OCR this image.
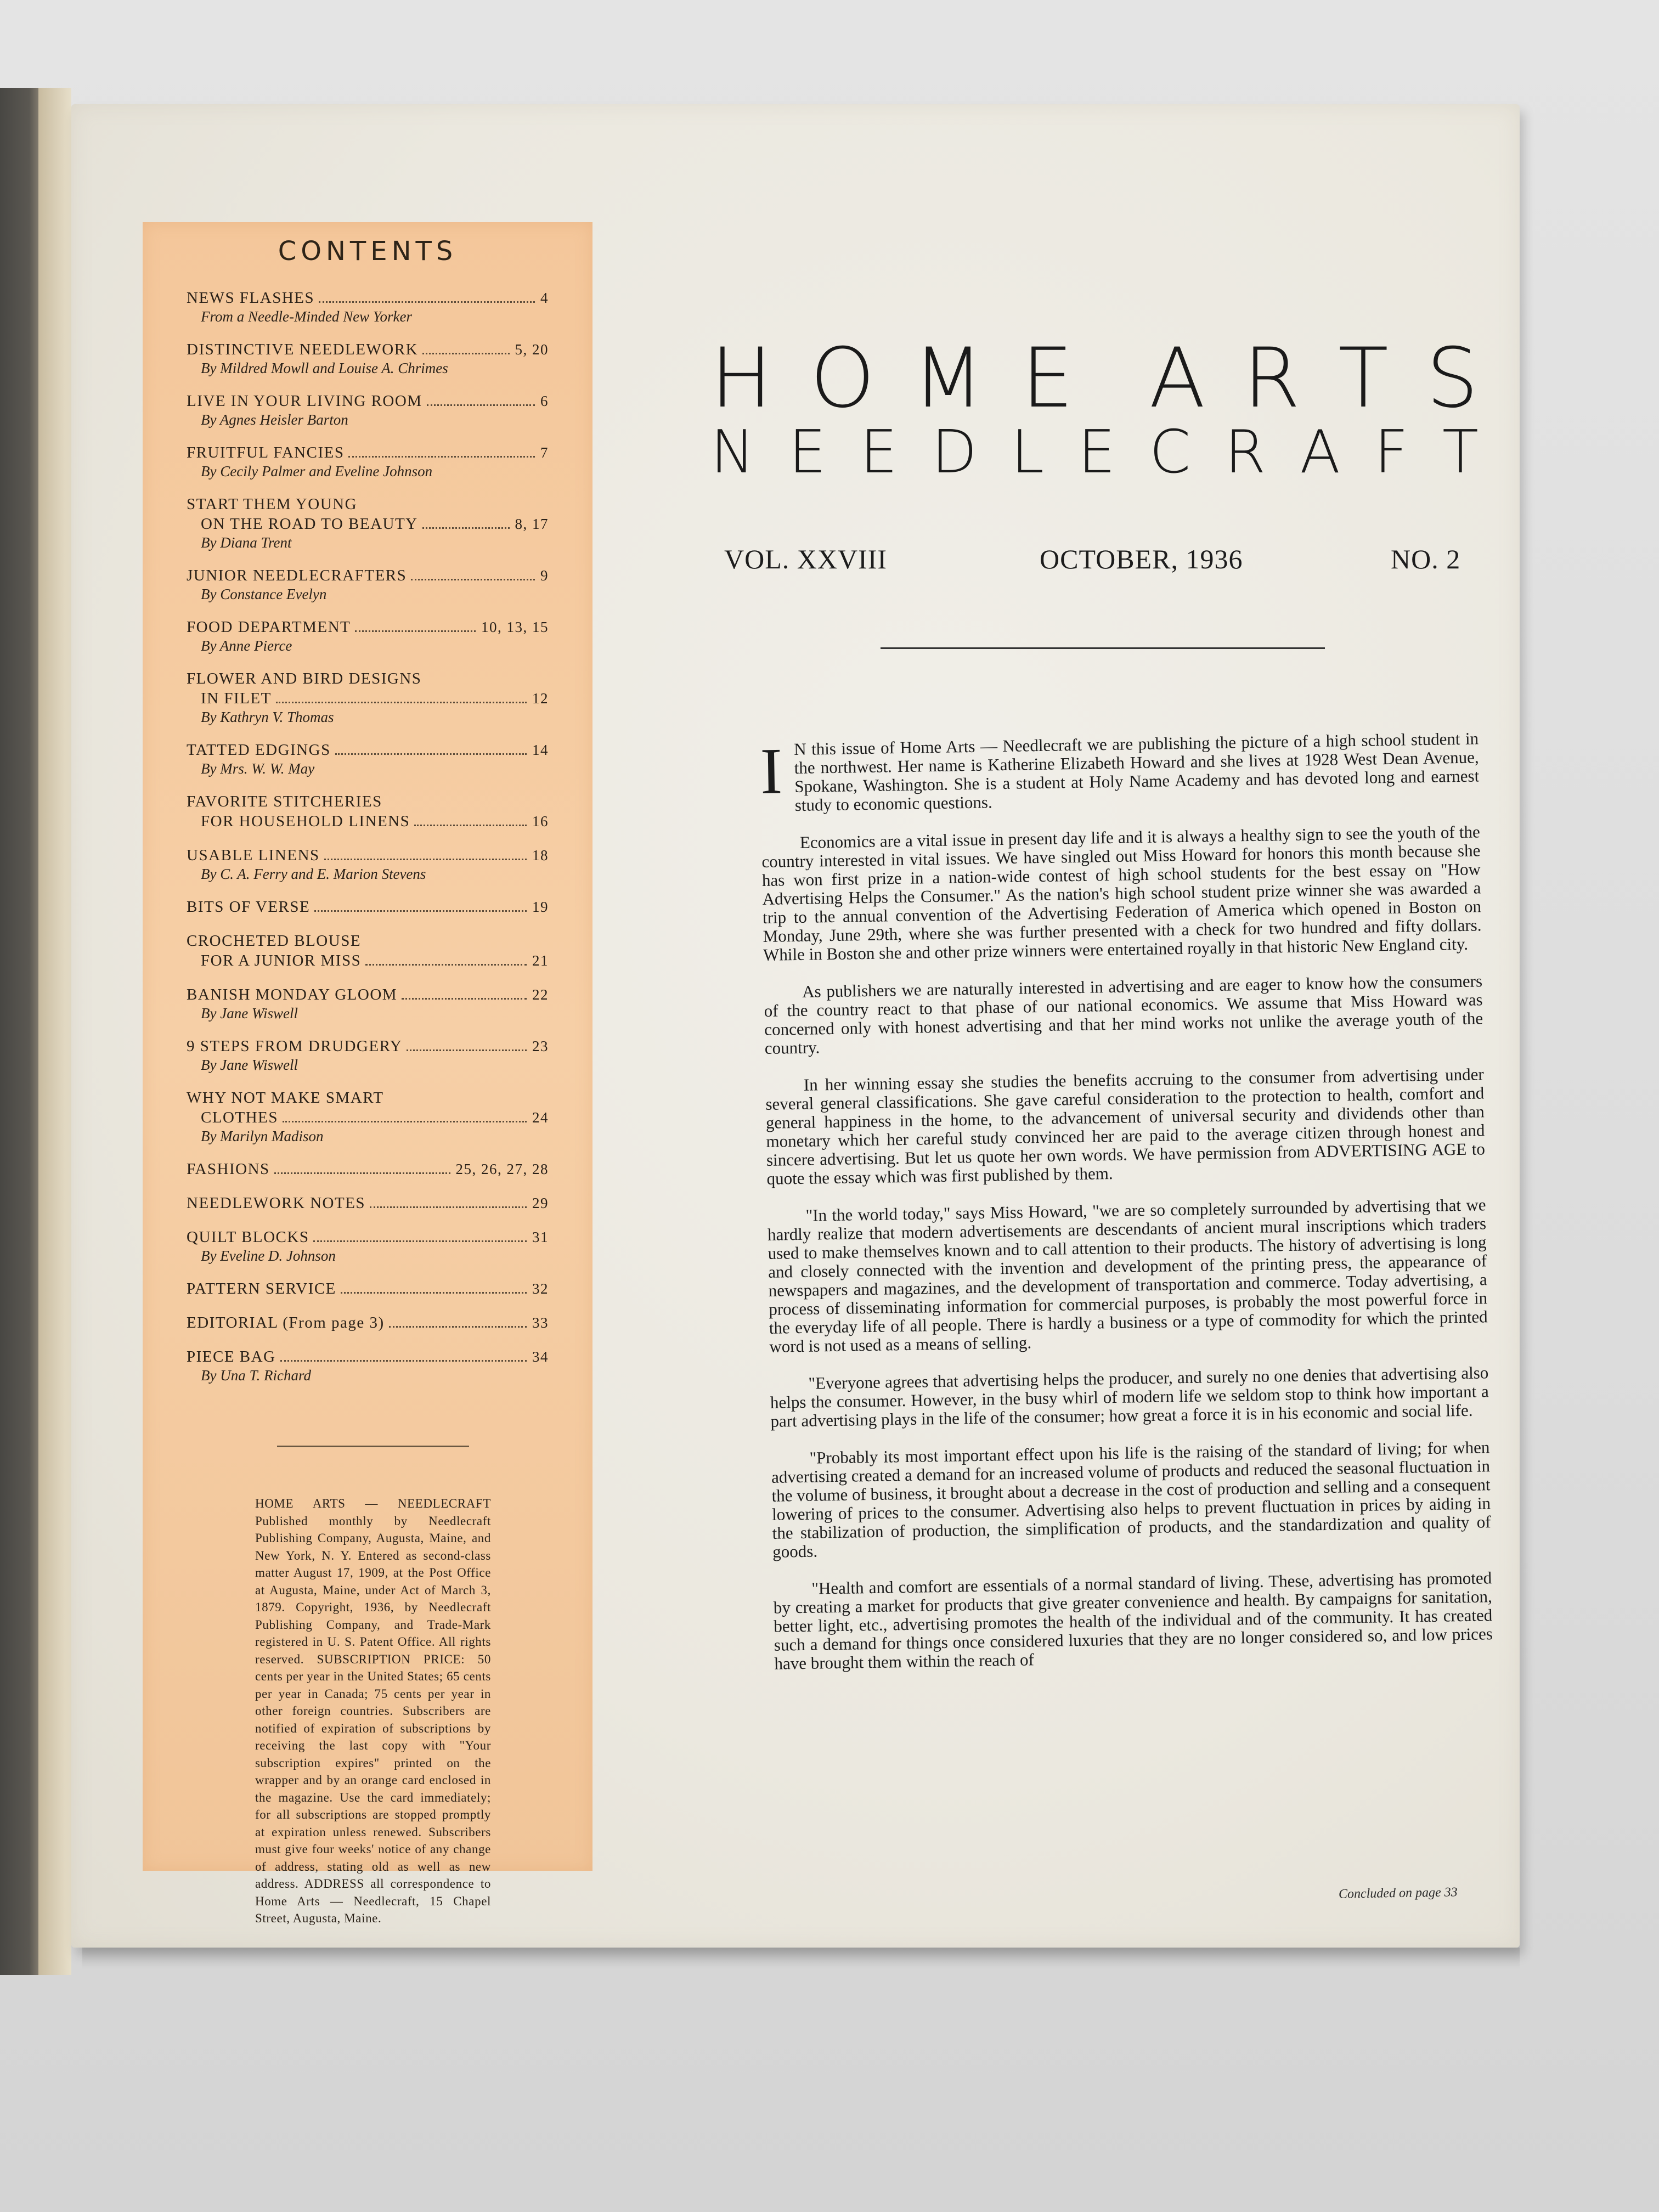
CONTENTS
NEWS FLASHES	4
From a Needle-Minded New Yorker
DISTINCTIVE NEEDLEWORK	5, 20
By Mildred Mowll and Louise A. Chrimes
LIVE IN YOUR LIVING ROOM	6
By Agnes Heisler Barton
FRUITFUL FANCIES	7
By Cecily Palmer and Eveline Johnson
START THEM YOUNG
ON THE ROAD TO BEAUTY	8, 17
By Diana Trent
JUNIOR NEEDLECRAFTERS	9
By Constance Evelyn
FOOD DEPARTMENT	10, 13, 15
By Anne Pierce
FLOWER AND BIRD DESIGNS
IN FILET	12
By Kathryn V. Thomas
TATTED EDGINGS	14
By Mrs. W. W. May
FAVORITE STITCHERIES
FOR HOUSEHOLD LINENS	16
USABLE LINENS	18
By C. A. Ferry and E. Marion Stevens
BITS OF VERSE	19
CROCHETED BLOUSE
FOR A JUNIOR MISS	21
BANISH MONDAY GLOOM	22
By Jane Wiswell
9 STEPS FROM DRUDGERY	23
By Jane Wiswell
WHY NOT MAKE SMART
CLOTHES	24
By Marilyn Madison
FASHIONS	25, 26, 27, 28
NEEDLEWORK NOTES	29
QUILT BLOCKS	31
By Eveline D. Johnson
PATTERN SERVICE	32
EDITORIAL (From page 3)	33
PIECE BAG	34
By Una T. Richard
HOME ARTS — NEEDLECRAFT Published monthly by Needlecraft Publishing Company, Augusta, Maine, and New York, N. Y. Entered as second-class matter August 17, 1909, at the Post Office at Augusta, Maine, under Act of March 3, 1879. Copyright, 1936, by Needlecraft Publishing Company, and Trade-Mark registered in U. S. Patent Office. All rights reserved. SUBSCRIPTION PRICE: 50 cents per year in the United States; 65 cents per year in Canada; 75 cents per year in other foreign countries. Subscribers are notified of expiration of subscriptions by receiving the last copy with "Your subscription expires" printed on the wrapper and by an orange card enclosed in the magazine. Use the card immediately; for all subscriptions are stopped promptly at expiration unless renewed. Subscribers must give four weeks' notice of any change of address, stating old as well as new address. ADDRESS all correspondence to Home Arts — Needlecraft, 15 Chapel Street, Augusta, Maine.
H O M E A R T S
N E E D L E C R A F T
VOL. XXVIII	OCTOBER, 1936	NO. 2

I N this issue of Home Arts — Needlecraft we are publishing the picture of a high school student in the northwest. Her name is Katherine Elizabeth Howard and she lives at 1928 West Dean Avenue, Spokane, Washington. She is a student at Holy Name Academy and has devoted long and earnest study to economic questions.

Economics are a vital issue in present day life and it is always a healthy sign to see the youth of the country interested in vital issues. We have singled out Miss Howard for honors this month because she has won first prize in a nation-wide contest of high school students for the best essay on "How Advertising Helps the Consumer." As the nation's high school student prize winner she was awarded a trip to the annual convention of the Advertising Federation of America which opened in Boston on Monday, June 29th, where she was further presented with a check for two hundred and fifty dollars. While in Boston she and other prize winners were entertained royally in that historic New England city.

As publishers we are naturally interested in advertising and are eager to know how the consumers of the country react to that phase of our national economics. We assume that Miss Howard was concerned only with honest advertising and that her mind works not unlike the average youth of the country.

In her winning essay she studies the benefits accruing to the consumer from advertising under several general classifications. She gave careful consideration to the protection to health, comfort and general happiness in the home, to the advancement of universal security and dividends other than monetary which her careful study convinced her are paid to the average citizen through honest and sincere advertising. But let us quote her own words. We have permission from ADVERTISING AGE to quote the essay which was first published by them.

"In the world today," says Miss Howard, "we are so completely surrounded by advertising that we hardly realize that modern advertisements are descendants of ancient mural inscriptions which traders used to make themselves known and to call attention to their products. The history of advertising is long and closely connected with the invention and development of the printing press, the appearance of newspapers and magazines, and the development of transportation and commerce. Today advertising, a process of disseminating information for commercial purposes, is probably the most powerful force in the everyday life of all people. There is hardly a business or a type of commodity for which the printed word is not used as a means of selling.

"Everyone agrees that advertising helps the producer, and surely no one denies that advertising also helps the consumer. However, in the busy whirl of modern life we seldom stop to think how important a part advertising plays in the life of the consumer; how great a force it is in his economic and social life.

"Probably its most important effect upon his life is the raising of the standard of living; for when advertising created a demand for an increased volume of products and reduced the seasonal fluctuation in the volume of business, it brought about a decrease in the cost of production and selling and a consequent lowering of prices to the consumer. Advertising also helps to prevent fluctuation in prices by aiding in the stabilization of production, the simplification of products, and the standardization and quality of goods.

"Health and comfort are essentials of a normal standard of living. These, advertising has promoted by creating a market for products that give greater convenience and health. By campaigns for sanitation, better light, etc., advertising promotes the health of the individual and of the community. It has created such a demand for things once considered luxuries that they are no longer considered so, and low prices have brought them within the reach of

Concluded on page 33
